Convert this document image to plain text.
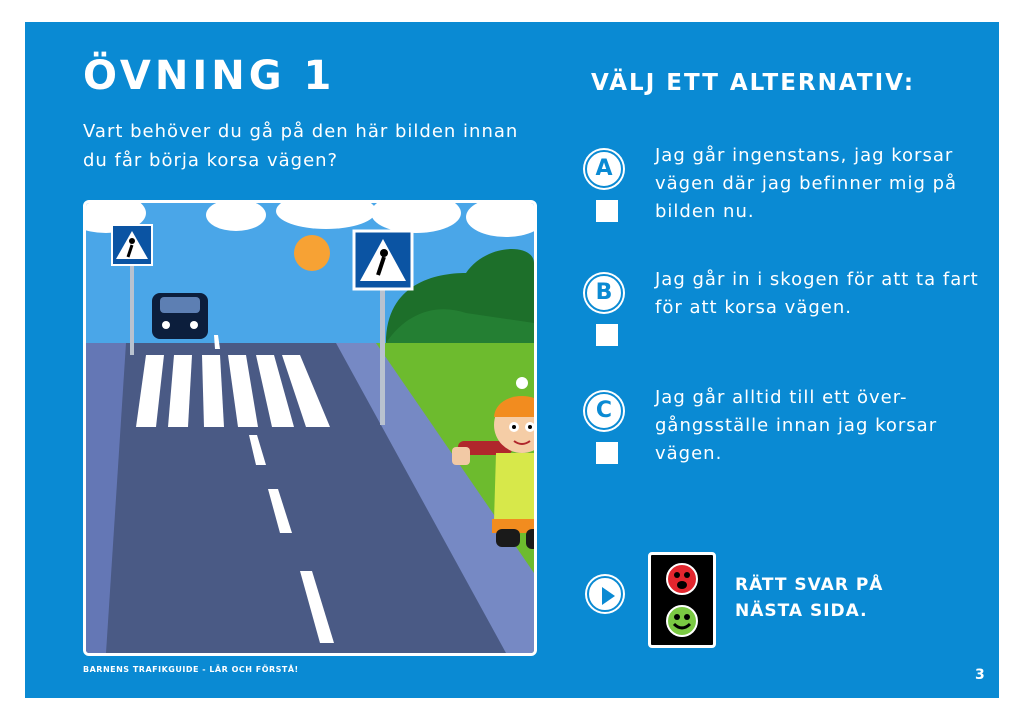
ÖVNING 1
Vart behöver du gå på den här bilden innan du får börja korsa vägen?
VÄLJ ETT ALTERNATIV:
A
Jag går ingenstans, jag korsar vägen där jag befinner mig på bilden nu.
B
Jag går in i skogen för att ta fart för att korsa vägen.
C
Jag går alltid till ett över-gångsställe innan jag korsar vägen.
RÄTT SVAR PÅ
NÄSTA SIDA.
BARNENS TRAFIKGUIDE - LÄR OCH FÖRSTÅ!	3
